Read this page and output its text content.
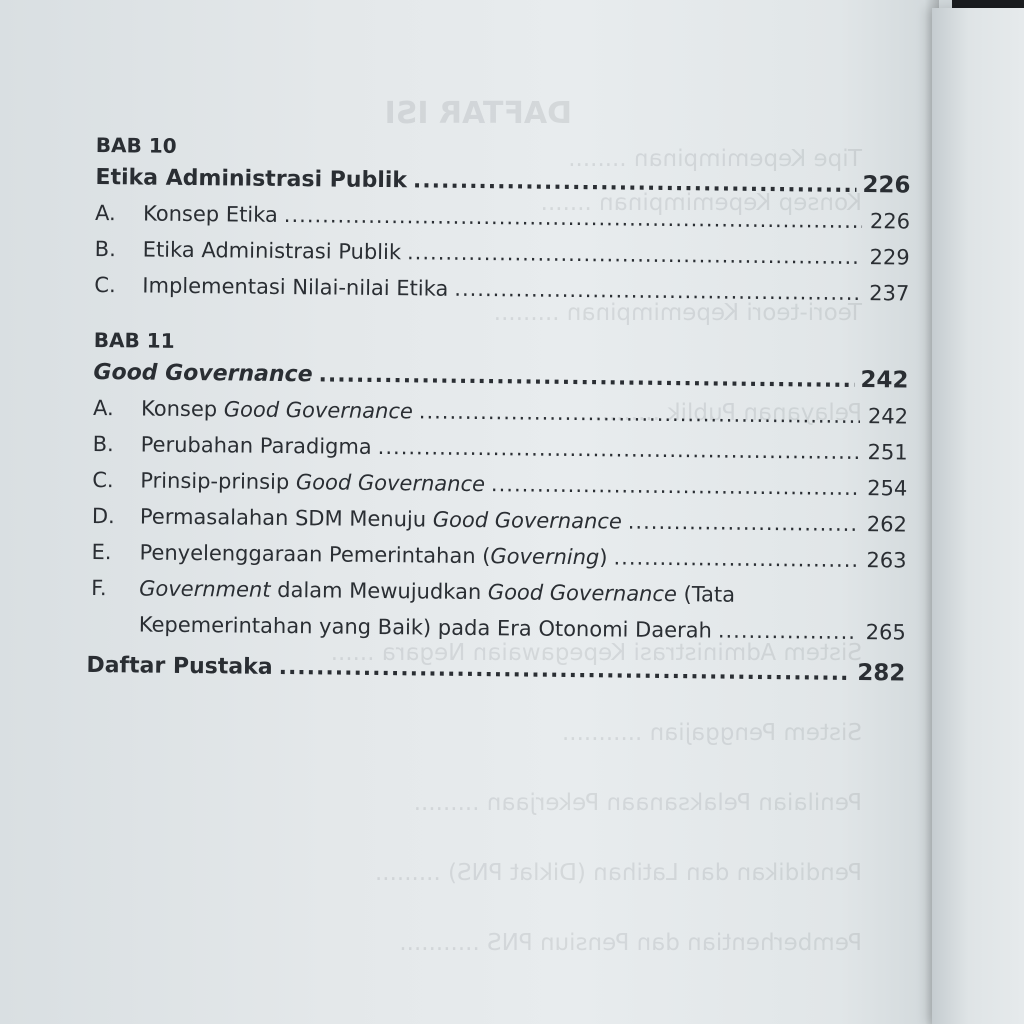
DAFTAR ISI
Tipe Kepemimpinan ........
Konsep Kepemimpinan .......
Teori-teori Kepemimpinan .........
Pelayanan Publik .........
Sistem Administrasi Kepegawaian Negara ......
Sistem Penggajian ...........
Penilaian Pelaksanaan Pekerjaan .........
Pendidikan dan Latihan (Diklat PNS) .........
Pemberhentian dan Pensiun PNS ...........
BAB 10
Etika Administrasi Publik .....	226
A.	Konsep Etika .....	226
B.	Etika Administrasi Publik .....	229
C.	Implementasi Nilai-nilai Etika .....	237
BAB 11
Good Governance .....	242
A.	Konsep Good Governance .....	242
B.	Perubahan Paradigma .....	251
C.	Prinsip-prinsip Good Governance .....	254
D.	Permasalahan SDM Menuju Good Governance .....	262
E.	Penyelenggaraan Pemerintahan (Governing) .....	263
F.	Government dalam Mewujudkan Good Governance (Tata
Kepemerintahan yang Baik) pada Era Otonomi Daerah .....	265
Daftar Pustaka .....	282
